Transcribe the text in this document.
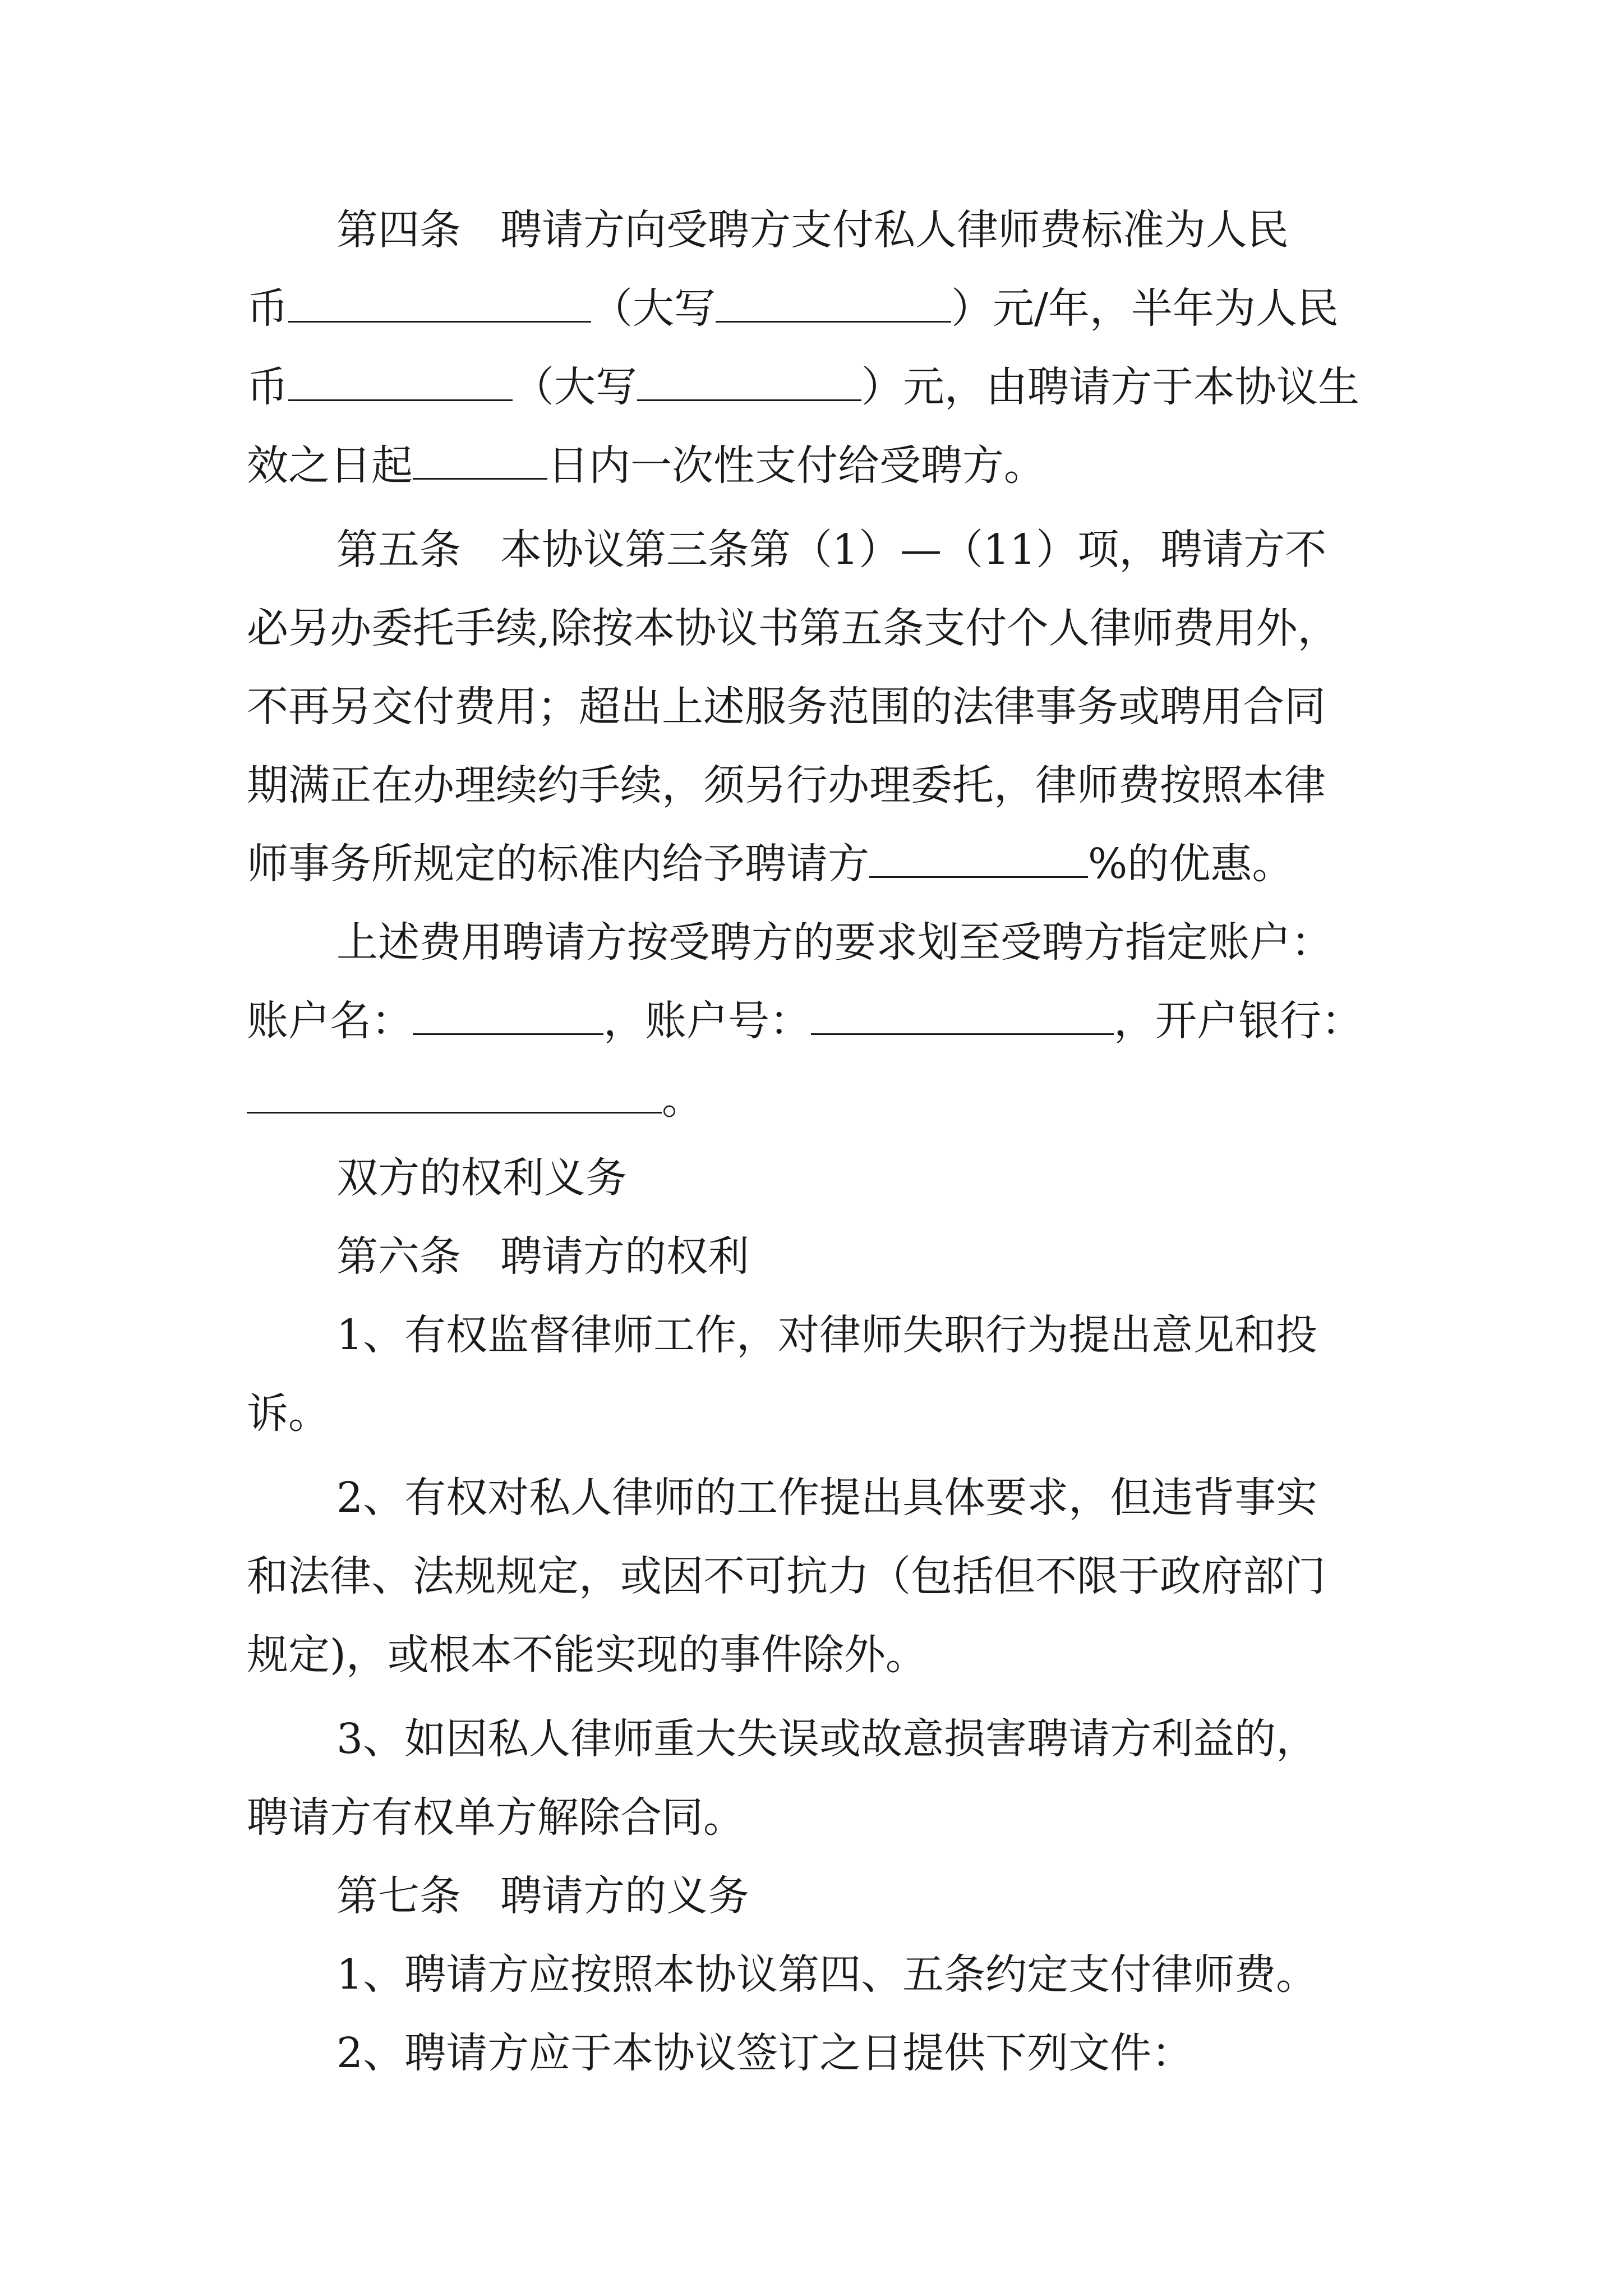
第四条 聘请方向受聘方支付私人律师费标准为人民
币	（大写	）元/年，半年为人民
币	（大写	）元，由聘请方于本协议生
效之日起	日内一次性支付给受聘方。
第五条 本协议第三条第（1）—（11）项，聘请方不
必另办委托手续,除按本协议书第五条支付个人律师费用外，
不再另交付费用；超出上述服务范围的法律事务或聘用合同
期满正在办理续约手续，须另行办理委托，律师费按照本律
师事务所规定的标准内给予聘请方	%的优惠。
上述费用聘请方按受聘方的要求划至受聘方指定账户：
账户名：	，账户号：	，开户银行：
。
双方的权利义务
第六条 聘请方的权利
1、有权监督律师工作，对律师失职行为提出意见和投
诉。
2、有权对私人律师的工作提出具体要求，但违背事实
和法律、法规规定，或因不可抗力（包括但不限于政府部门
规定)，或根本不能实现的事件除外。
3、如因私人律师重大失误或故意损害聘请方利益的，
聘请方有权单方解除合同。
第七条 聘请方的义务
1、聘请方应按照本协议第四、五条约定支付律师费。
2、聘请方应于本协议签订之日提供下列文件：
